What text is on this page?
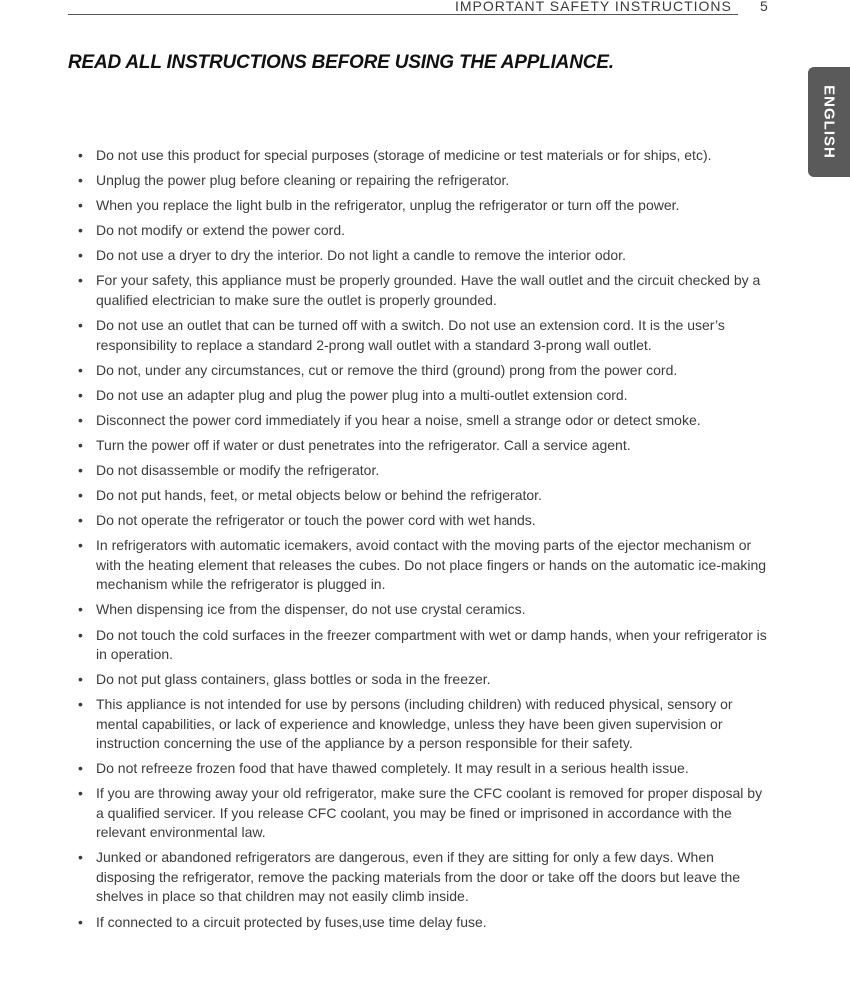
IMPORTANT SAFETY INSTRUCTIONS 5
ENGLISH
READ ALL INSTRUCTIONS BEFORE USING THE APPLIANCE.
• Do not use this product for special purposes (storage of medicine or test materials or for ships, etc).
• Unplug the power plug before cleaning or repairing the refrigerator.
• When you replace the light bulb in the refrigerator, unplug the refrigerator or turn off the power.
• Do not modify or extend the power cord.
• Do not use a dryer to dry the interior. Do not light a candle to remove the interior odor.
• For your safety, this appliance must be properly grounded. Have the wall outlet and the circuit checked by a qualified electrician to make sure the outlet is properly grounded.
• Do not use an outlet that can be turned off with a switch. Do not use an extension cord. It is the user’s responsibility to replace a standard 2-prong wall outlet with a standard 3-prong wall outlet.
• Do not, under any circumstances, cut or remove the third (ground) prong from the power cord.
• Do not use an adapter plug and plug the power plug into a multi-outlet extension cord.
• Disconnect the power cord immediately if you hear a noise, smell a strange odor or detect smoke.
• Turn the power off if water or dust penetrates into the refrigerator. Call a service agent.
• Do not disassemble or modify the refrigerator.
• Do not put hands, feet, or metal objects below or behind the refrigerator.
• Do not operate the refrigerator or touch the power cord with wet hands.
• In refrigerators with automatic icemakers, avoid contact with the moving parts of the ejector mechanism or with the heating element that releases the cubes. Do not place fingers or hands on the automatic ice-making mechanism while the refrigerator is plugged in.
• When dispensing ice from the dispenser, do not use crystal ceramics.
• Do not touch the cold surfaces in the freezer compartment with wet or damp hands, when your refrigerator is in operation.
• Do not put glass containers, glass bottles or soda in the freezer.
• This appliance is not intended for use by persons (including children) with reduced physical, sensory or mental capabilities, or lack of experience and knowledge, unless they have been given supervision or instruction concerning the use of the appliance by a person responsible for their safety.
• Do not refreeze frozen food that have thawed completely. It may result in a serious health issue.
• If you are throwing away your old refrigerator, make sure the CFC coolant is removed for proper disposal by a qualified servicer. If you release CFC coolant, you may be fined or imprisoned in accordance with the relevant environmental law.
• Junked or abandoned refrigerators are dangerous, even if they are sitting for only a few days. When disposing the refrigerator, remove the packing materials from the door or take off the doors but leave the shelves in place so that children may not easily climb inside.
• If connected to a circuit protected by fuses,use time delay fuse.
